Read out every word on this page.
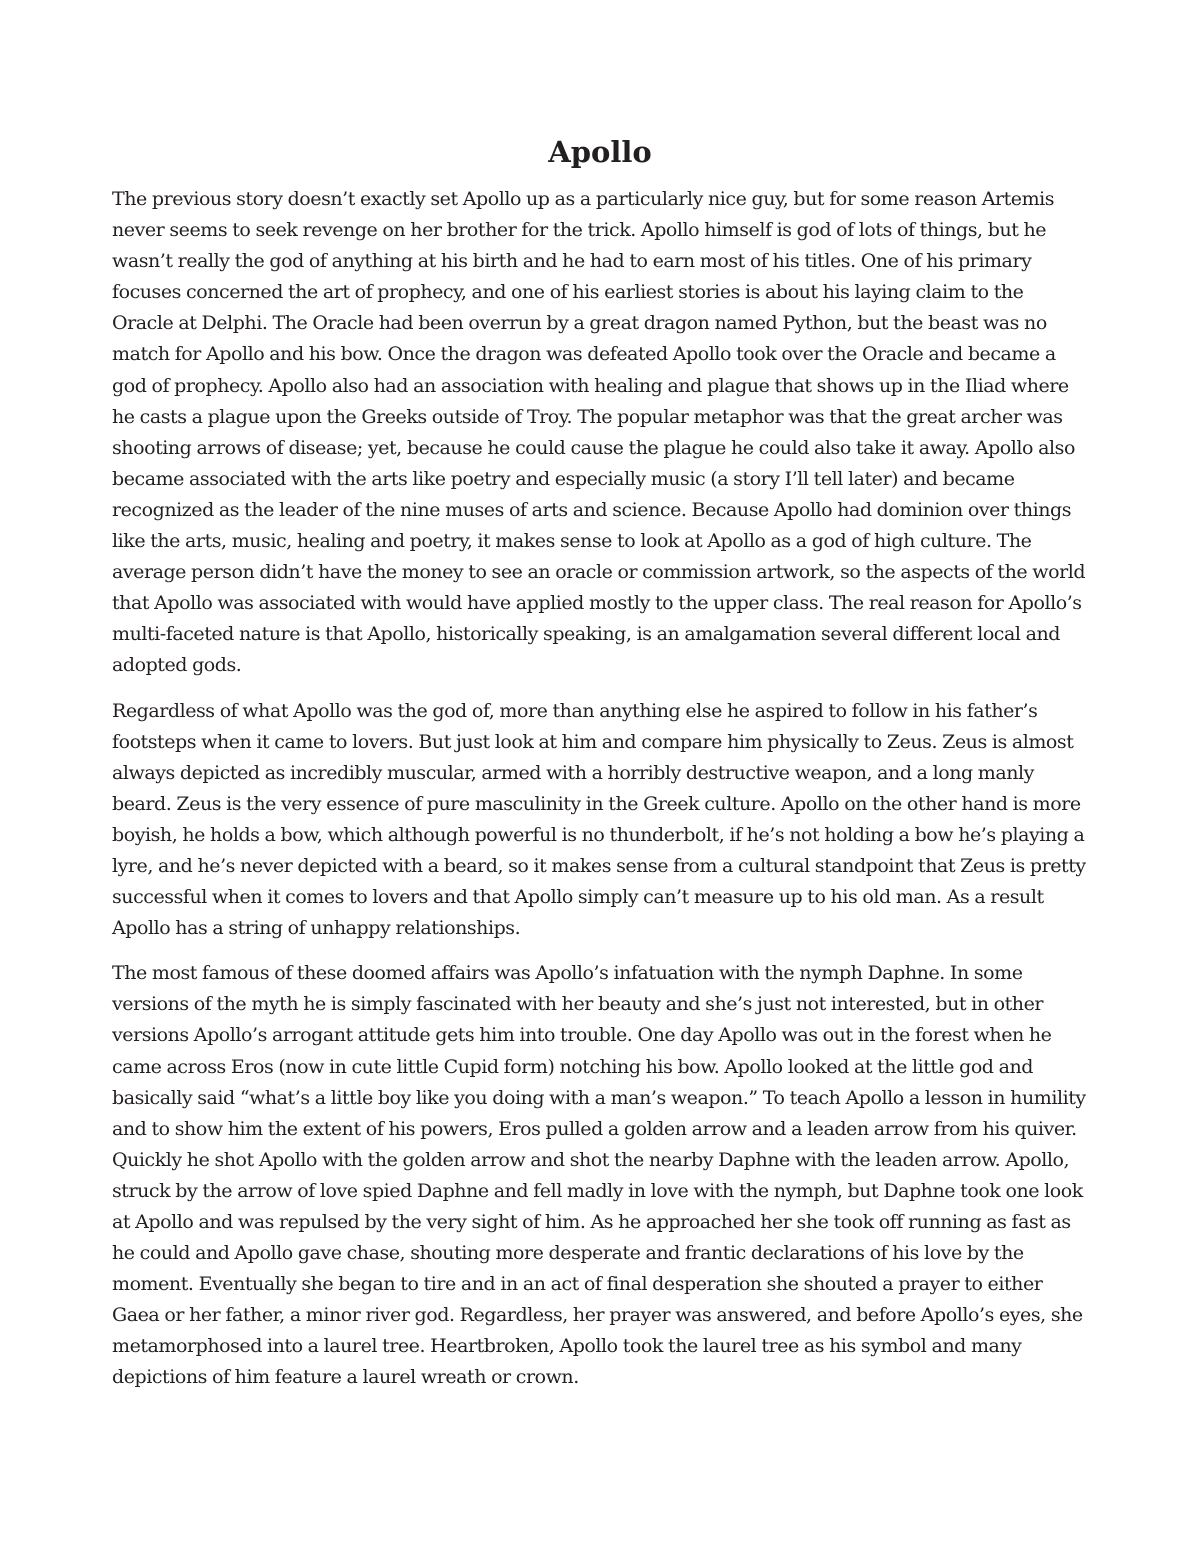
Apollo

The previous story doesn’t exactly set Apollo up as a particularly nice guy, but for some reason Artemis never seems to seek revenge on her brother for the trick. Apollo himself is god of lots of things, but he wasn’t really the god of anything at his birth and he had to earn most of his titles. One of his primary focuses concerned the art of prophecy, and one of his earliest stories is about his laying claim to the Oracle at Delphi. The Oracle had been overrun by a great dragon named Python, but the beast was no match for Apollo and his bow. Once the dragon was defeated Apollo took over the Oracle and became a god of prophecy. Apollo also had an association with healing and plague that shows up in the Iliad where he casts a plague upon the Greeks outside of Troy. The popular metaphor was that the great archer was shooting arrows of disease; yet, because he could cause the plague he could also take it away. Apollo also became associated with the arts like poetry and especially music (a story I’ll tell later) and became recognized as the leader of the nine muses of arts and science. Because Apollo had dominion over things like the arts, music, healing and poetry, it makes sense to look at Apollo as a god of high culture. The average person didn’t have the money to see an oracle or commission artwork, so the aspects of the world that Apollo was associated with would have applied mostly to the upper class. The real reason for Apollo’s multi-faceted nature is that Apollo, historically speaking, is an amalgamation several different local and adopted gods.

Regardless of what Apollo was the god of, more than anything else he aspired to follow in his father’s footsteps when it came to lovers. But just look at him and compare him physically to Zeus. Zeus is almost always depicted as incredibly muscular, armed with a horribly destructive weapon, and a long manly beard. Zeus is the very essence of pure masculinity in the Greek culture. Apollo on the other hand is more boyish, he holds a bow, which although powerful is no thunderbolt, if he’s not holding a bow he’s playing a lyre, and he’s never depicted with a beard, so it makes sense from a cultural standpoint that Zeus is pretty successful when it comes to lovers and that Apollo simply can’t measure up to his old man. As a result Apollo has a string of unhappy relationships.

The most famous of these doomed affairs was Apollo’s infatuation with the nymph Daphne. In some versions of the myth he is simply fascinated with her beauty and she’s just not interested, but in other versions Apollo’s arrogant attitude gets him into trouble. One day Apollo was out in the forest when he came across Eros (now in cute little Cupid form) notching his bow. Apollo looked at the little god and basically said “what’s a little boy like you doing with a man’s weapon.” To teach Apollo a lesson in humility and to show him the extent of his powers, Eros pulled a golden arrow and a leaden arrow from his quiver. Quickly he shot Apollo with the golden arrow and shot the nearby Daphne with the leaden arrow. Apollo, struck by the arrow of love spied Daphne and fell madly in love with the nymph, but Daphne took one look at Apollo and was repulsed by the very sight of him. As he approached her she took off running as fast as he could and Apollo gave chase, shouting more desperate and frantic declarations of his love by the moment. Eventually she began to tire and in an act of final desperation she shouted a prayer to either Gaea or her father, a minor river god. Regardless, her prayer was answered, and before Apollo’s eyes, she metamorphosed into a laurel tree. Heartbroken, Apollo took the laurel tree as his symbol and many depictions of him feature a laurel wreath or crown.
